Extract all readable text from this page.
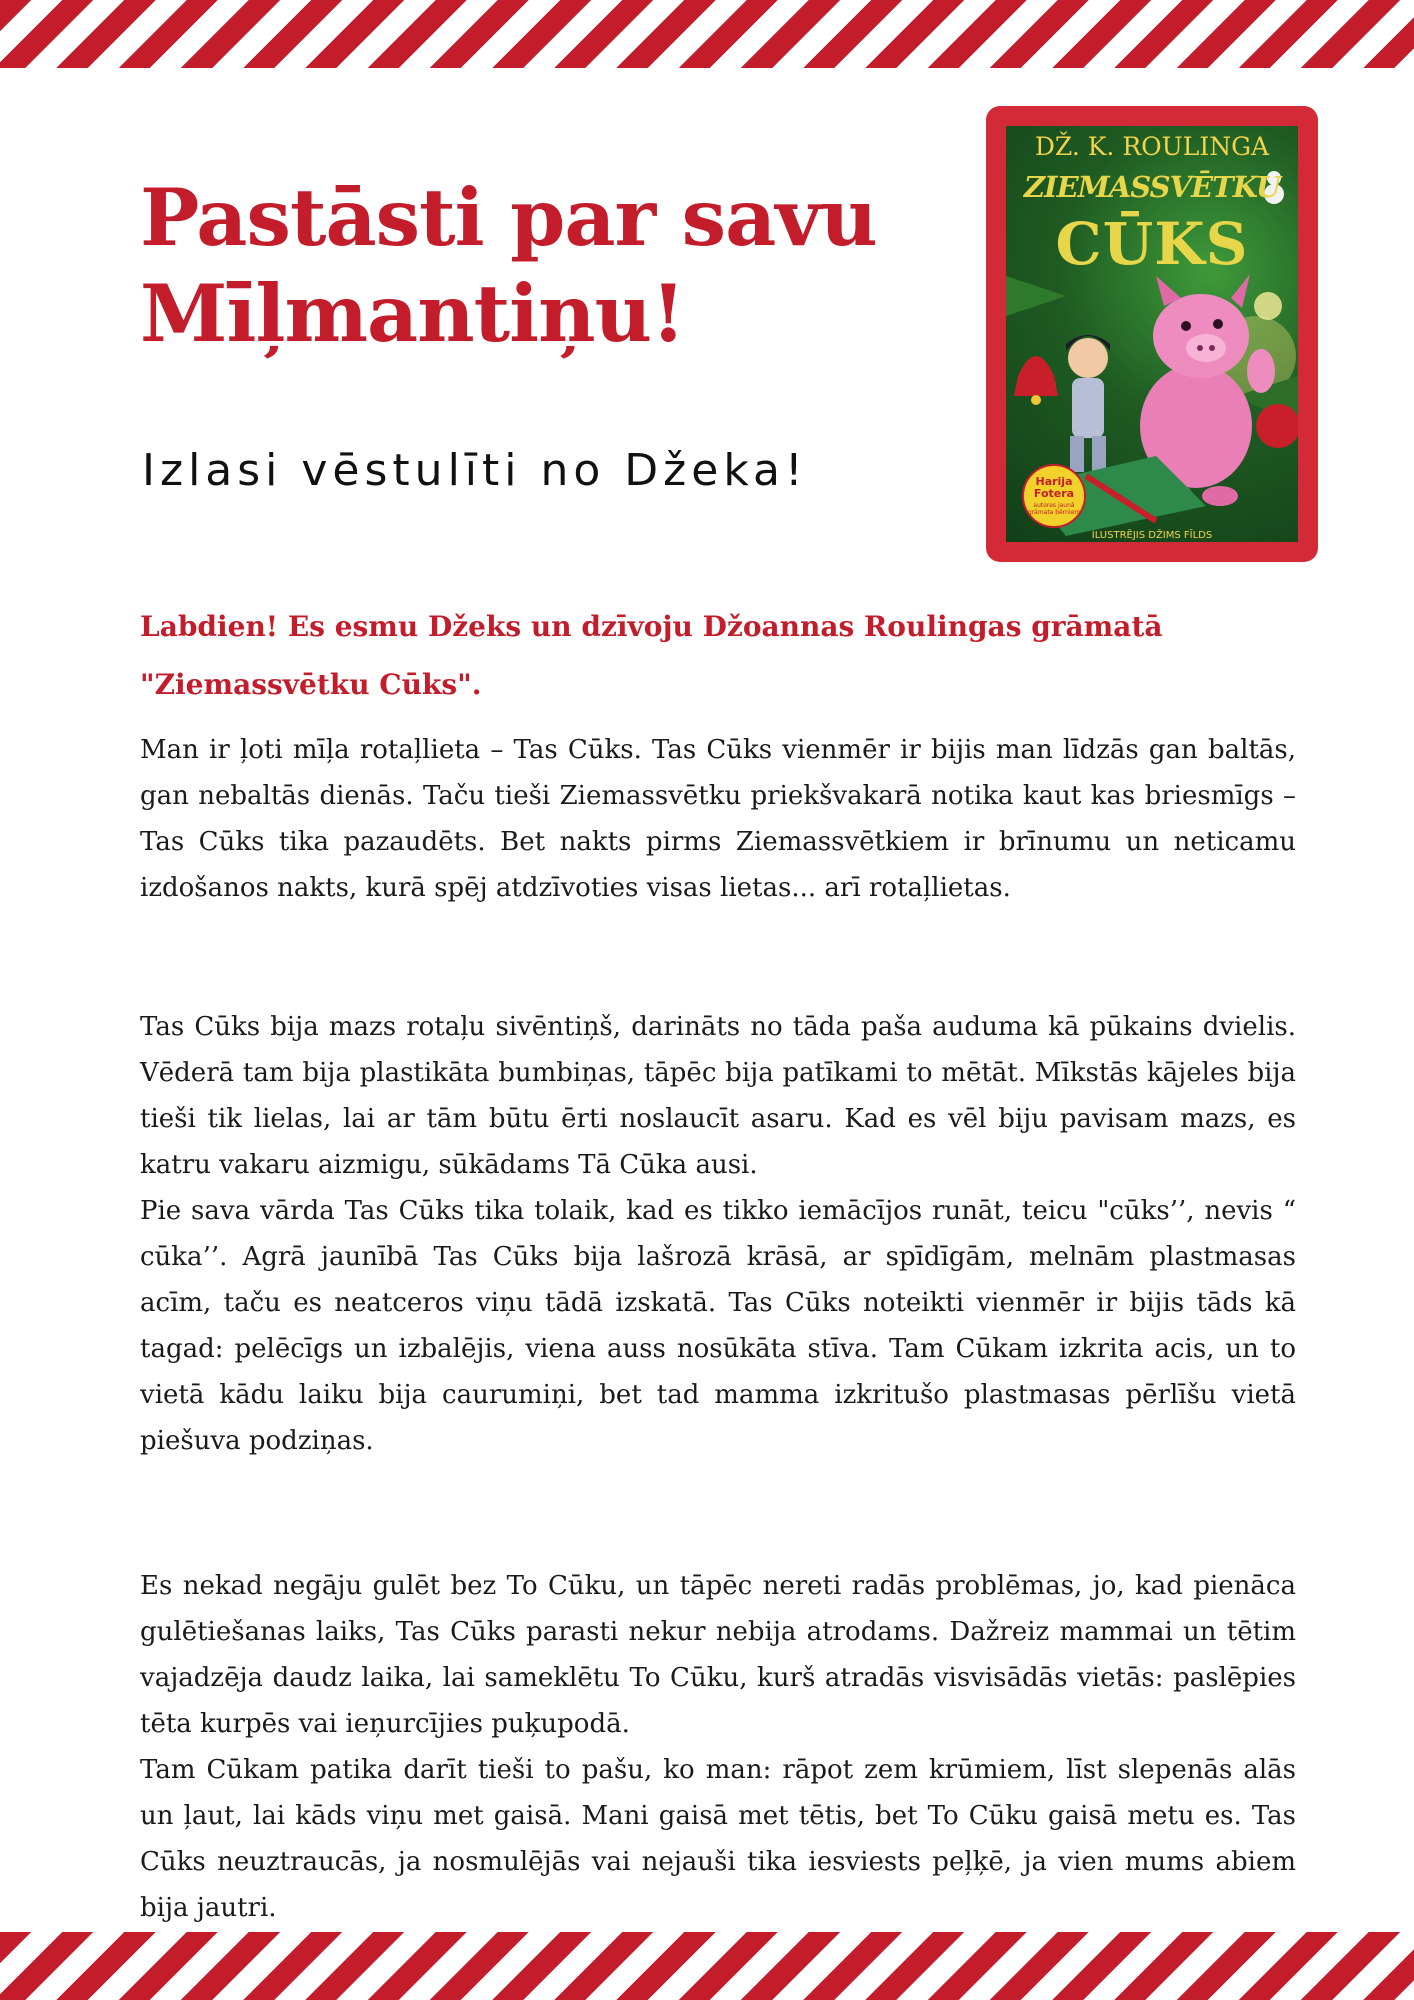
Pastāsti par savu Mīļmantiņu!
Izlasi vēstulīti no Džeka!
DŽ. K. ROULINGA
ZIEMASSVĒTKU
CŪKS
Harija Fotera
autores jaunā grāmata bērniem
ILUSTRĒJIS DŽIMS FĪLDS

Labdien! Es esmu Džeks un dzīvoju Džoannas Roulingas grāmatā "Ziemassvētku Cūks".

Man ir ļoti mīļa rotaļlieta – Tas Cūks. Tas Cūks vienmēr ir bijis man līdzās gan baltās, gan nebaltās dienās. Taču tieši Ziemassvētku priekšvakarā notika kaut kas briesmīgs – Tas Cūks tika pazaudēts. Bet nakts pirms Ziemassvētkiem ir brīnumu un neticamu izdošanos nakts, kurā spēj atdzīvoties visas lietas... arī rotaļlietas.

Tas Cūks bija mazs rotaļu sivēntiņš, darināts no tāda paša auduma kā pūkains dvielis. Vēderā tam bija plastikāta bumbiņas, tāpēc bija patīkami to mētāt. Mīkstās kājeles bija tieši tik lielas, lai ar tām būtu ērti noslaucīt asaru. Kad es vēl biju pavisam mazs, es katru vakaru aizmigu, sūkādams Tā Cūka ausi.

Pie sava vārda Tas Cūks tika tolaik, kad es tikko iemācījos runāt, teicu "cūks’’, nevis “ cūka’’. Agrā jaunībā Tas Cūks bija lašrozā krāsā, ar spīdīgām, melnām plastmasas acīm, taču es neatceros viņu tādā izskatā. Tas Cūks noteikti vienmēr ir bijis tāds kā tagad: pelēcīgs un izbalējis, viena auss nosūkāta stīva. Tam Cūkam izkrita acis, un to vietā kādu laiku bija caurumiņi, bet tad mamma izkritušo plastmasas pērlīšu vietā piešuva podziņas.

Es nekad negāju gulēt bez To Cūku, un tāpēc nereti radās problēmas, jo, kad pienāca gulētiešanas laiks, Tas Cūks parasti nekur nebija atrodams. Dažreiz mammai un tētim vajadzēja daudz laika, lai sameklētu To Cūku, kurš atradās visvisādās vietās: paslēpies tēta kurpēs vai ieņurcījies puķupodā.

Tam Cūkam patika darīt tieši to pašu, ko man: rāpot zem krūmiem, līst slepenās alās un ļaut, lai kāds viņu met gaisā. Mani gaisā met tētis, bet To Cūku gaisā metu es. Tas Cūks neuztraucās, ja nosmulējās vai nejauši tika iesviests peļķē, ja vien mums abiem bija jautri.
